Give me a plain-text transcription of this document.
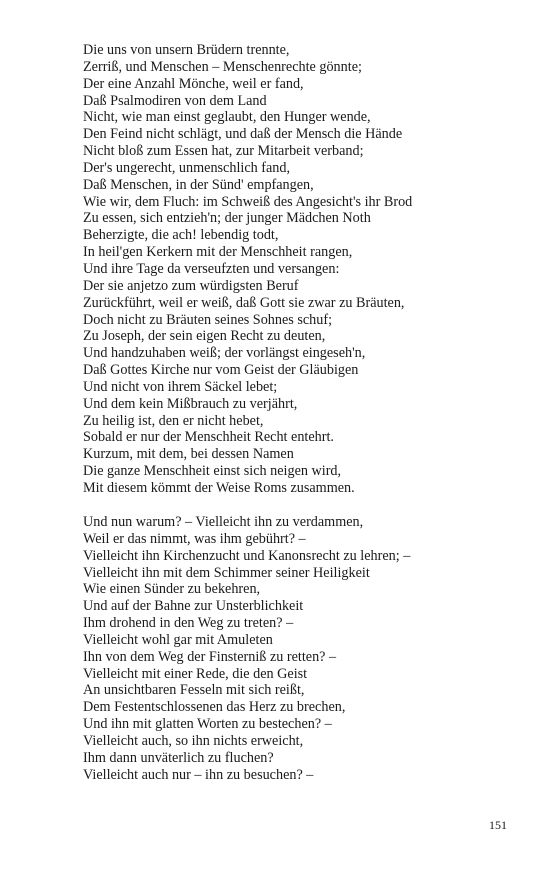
Die uns von unsern Brüdern trennte,
Zerriß, und Menschen – Menschenrechte gönnte;
Der eine Anzahl Mönche, weil er fand,
Daß Psalmodiren von dem Land
Nicht, wie man einst geglaubt, den Hunger wende,
Den Feind nicht schlägt, und daß der Mensch die Hände
Nicht bloß zum Essen hat, zur Mitarbeit verband;
Der's ungerecht, unmenschlich fand,
Daß Menschen, in der Sünd' empfangen,
Wie wir, dem Fluch: im Schweiß des Angesicht's ihr Brod
Zu essen, sich entzieh'n; der junger Mädchen Noth
Beherzigte, die ach! lebendig todt,
In heil'gen Kerkern mit der Menschheit rangen,
Und ihre Tage da verseufzten und versangen:
Der sie anjetzo zum würdigsten Beruf
Zurückführt, weil er weiß, daß Gott sie zwar zu Bräuten,
Doch nicht zu Bräuten seines Sohnes schuf;
Zu Joseph, der sein eigen Recht zu deuten,
Und handzuhaben weiß; der vorlängst eingeseh'n,
Daß Gottes Kirche nur vom Geist der Gläubigen
Und nicht von ihrem Säckel lebet;
Und dem kein Mißbrauch zu verjährt,
Zu heilig ist, den er nicht hebet,
Sobald er nur der Menschheit Recht entehrt.
Kurzum, mit dem, bei dessen Namen
Die ganze Menschheit einst sich neigen wird,
Mit diesem kömmt der Weise Roms zusammen.
Und nun warum? – Vielleicht ihn zu verdammen,
Weil er das nimmt, was ihm gebührt? –
Vielleicht ihn Kirchenzucht und Kanonsrecht zu lehren; –
Vielleicht ihn mit dem Schimmer seiner Heiligkeit
Wie einen Sünder zu bekehren,
Und auf der Bahne zur Unsterblichkeit
Ihm drohend in den Weg zu treten? –
Vielleicht wohl gar mit Amuleten
Ihn von dem Weg der Finsterniß zu retten? –
Vielleicht mit einer Rede, die den Geist
An unsichtbaren Fesseln mit sich reißt,
Dem Festentschlossenen das Herz zu brechen,
Und ihn mit glatten Worten zu bestechen? –
Vielleicht auch, so ihn nichts erweicht,
Ihm dann unväterlich zu fluchen?
Vielleicht auch nur – ihn zu besuchen? –
151
